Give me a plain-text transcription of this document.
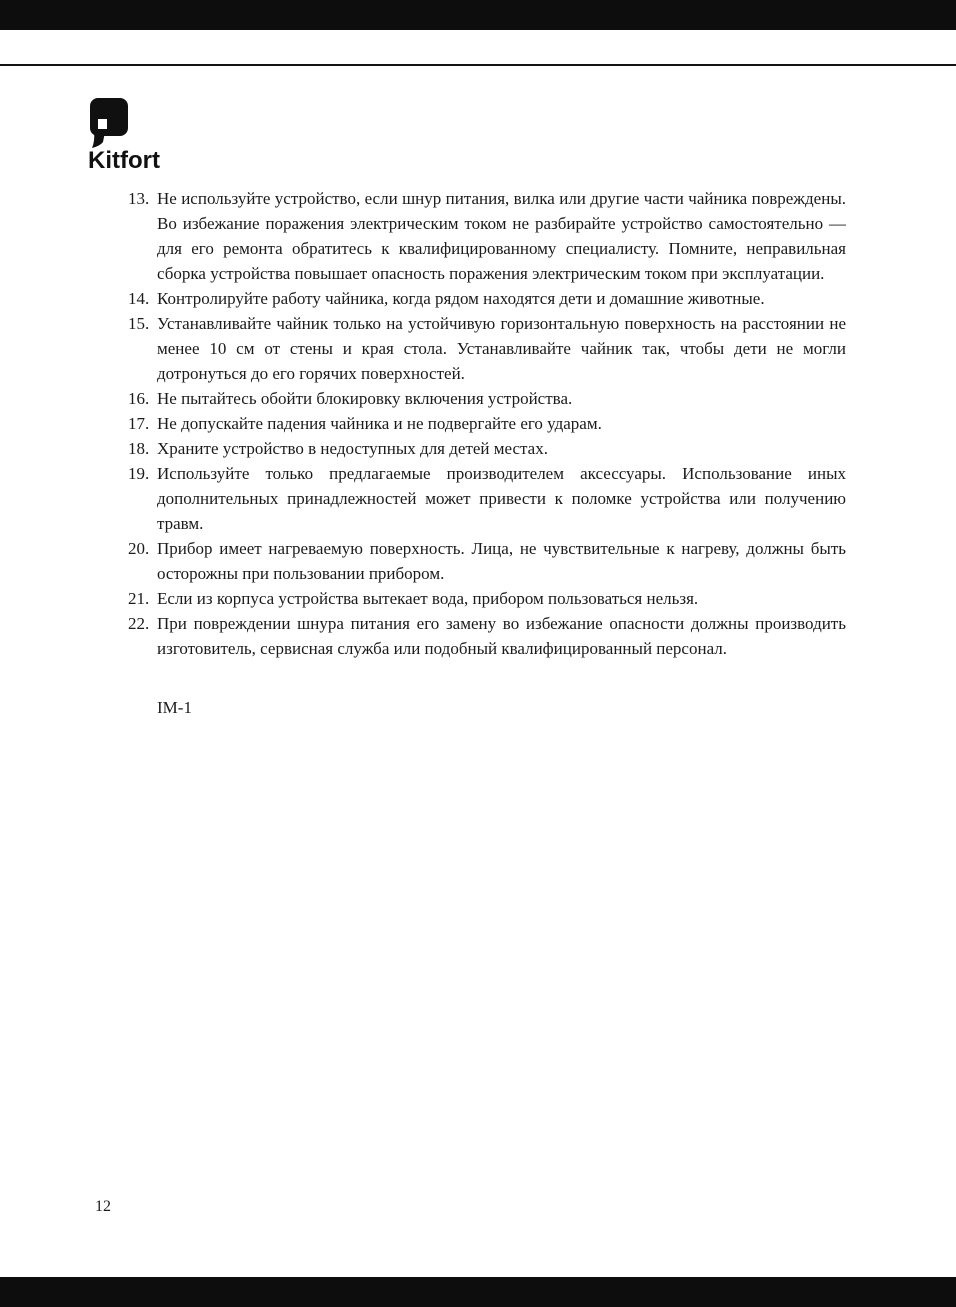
Kitfort
13. Не используйте устройство, если шнур питания, вилка или другие части чайника повреждены. Во избежание поражения электрическим током не разбирайте устройство самостоятельно — для его ремонта обратитесь к квалифицированному специалисту. Помните, неправильная сборка устройства повышает опасность поражения электрическим током при эксплуатации.
14. Контролируйте работу чайника, когда рядом находятся дети и домашние животные.
15. Устанавливайте чайник только на устойчивую горизонтальную поверхность на расстоянии не менее 10 см от стены и края стола. Устанавливайте чайник так, чтобы дети не могли дотронуться до его горячих поверхностей.
16. Не пытайтесь обойти блокировку включения устройства.
17. Не допускайте падения чайника и не подвергайте его ударам.
18. Храните устройство в недоступных для детей местах.
19. Используйте только предлагаемые производителем аксессуары. Использование иных дополнительных принадлежностей может привести к поломке устройства или получению травм.
20. Прибор имеет нагреваемую поверхность. Лица, не чувствительные к нагреву, должны быть осторожны при пользовании прибором.
21. Если из корпуса устройства вытекает вода, прибором пользоваться нельзя.
22. При повреждении шнура питания его замену во избежание опасности должны производить изготовитель, сервисная служба или подобный квалифицированный персонал.
IM-1
12
